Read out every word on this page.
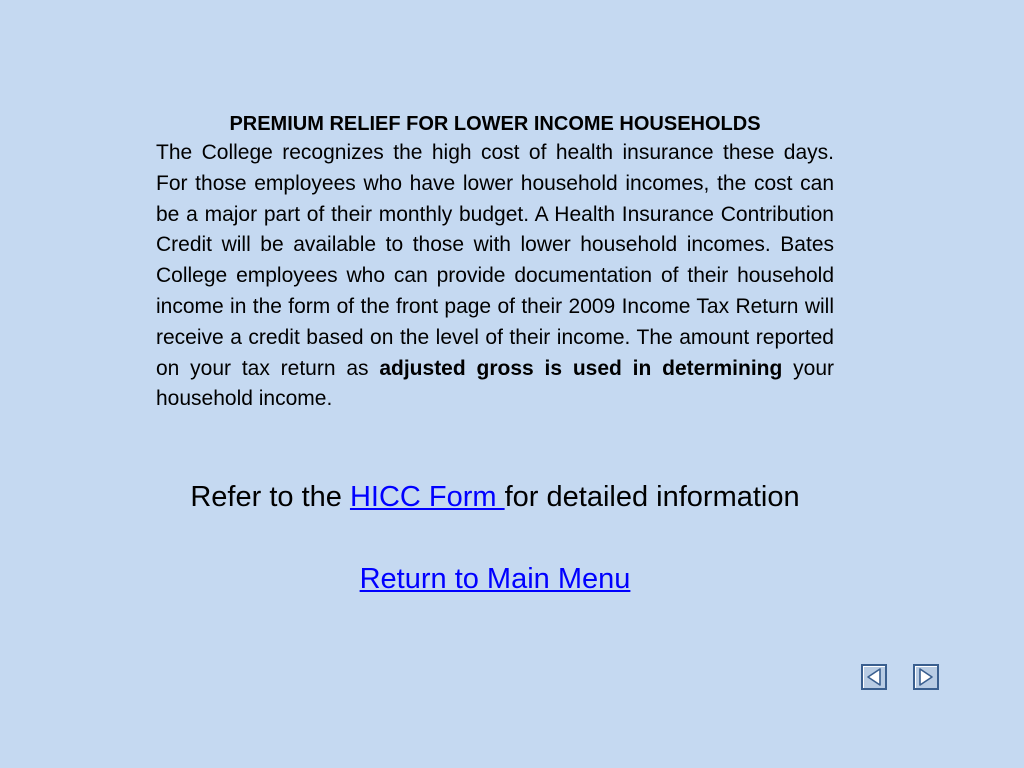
PREMIUM RELIEF FOR LOWER INCOME HOUSEHOLDS

The College recognizes the high cost of health insurance these days. For those employees who have lower household incomes, the cost can be a major part of their monthly budget. A Health Insurance Contribution Credit will be available to those with lower household incomes. Bates College employees who can provide documentation of their household income in the form of the front page of their 2009 Income Tax Return will receive a credit based on the level of their income. The amount reported on your tax return as adjusted gross is used in determining your household income.

Refer to the HICC Form for detailed information
Return to Main Menu
